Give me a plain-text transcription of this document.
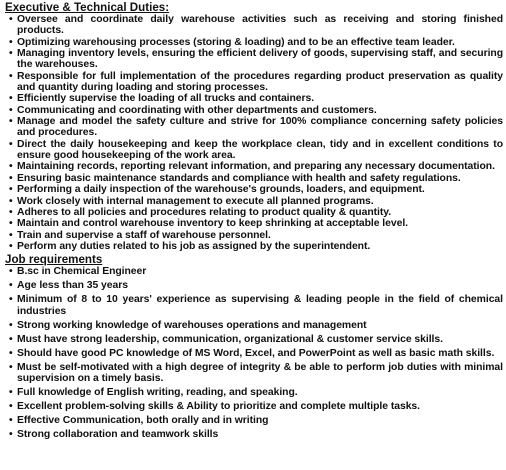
Executive & Technical Duties:
• Oversee and coordinate daily warehouse activities such as receiving and storing finished products.
• Optimizing warehousing processes (storing & loading) and to be an effective team leader.
• Managing inventory levels, ensuring the efficient delivery of goods, supervising staff, and securing the warehouses.
• Responsible for full implementation of the procedures regarding product preservation as quality and quantity during loading and storing processes.
• Efficiently supervise the loading of all trucks and containers.
• Communicating and coordinating with other departments and customers.
• Manage and model the safety culture and strive for 100% compliance concerning safety policies and procedures.
• Direct the daily housekeeping and keep the workplace clean, tidy and in excellent conditions to ensure good housekeeping of the work area.
• Maintaining records, reporting relevant information, and preparing any necessary documentation.
• Ensuring basic maintenance standards and compliance with health and safety regulations.
• Performing a daily inspection of the warehouse's grounds, loaders, and equipment.
• Work closely with internal management to execute all planned programs.
• Adheres to all policies and procedures relating to product quality & quantity.
• Maintain and control warehouse inventory to keep shrinking at acceptable level.
• Train and supervise a staff of warehouse personnel.
• Perform any duties related to his job as assigned by the superintendent.
Job requirements
• B.sc in Chemical Engineer
• Age less than 35 years
• Minimum of 8 to 10 years' experience as supervising & leading people in the field of chemical industries
• Strong working knowledge of warehouses operations and management
• Must have strong leadership, communication, organizational & customer service skills.
• Should have good PC knowledge of MS Word, Excel, and PowerPoint as well as basic math skills.
• Must be self-motivated with a high degree of integrity & be able to perform job duties with minimal supervision on a timely basis.
• Full knowledge of English writing, reading, and speaking.
• Excellent problem-solving skills & Ability to prioritize and complete multiple tasks.
• Effective Communication, both orally and in writing
• Strong collaboration and teamwork skills
